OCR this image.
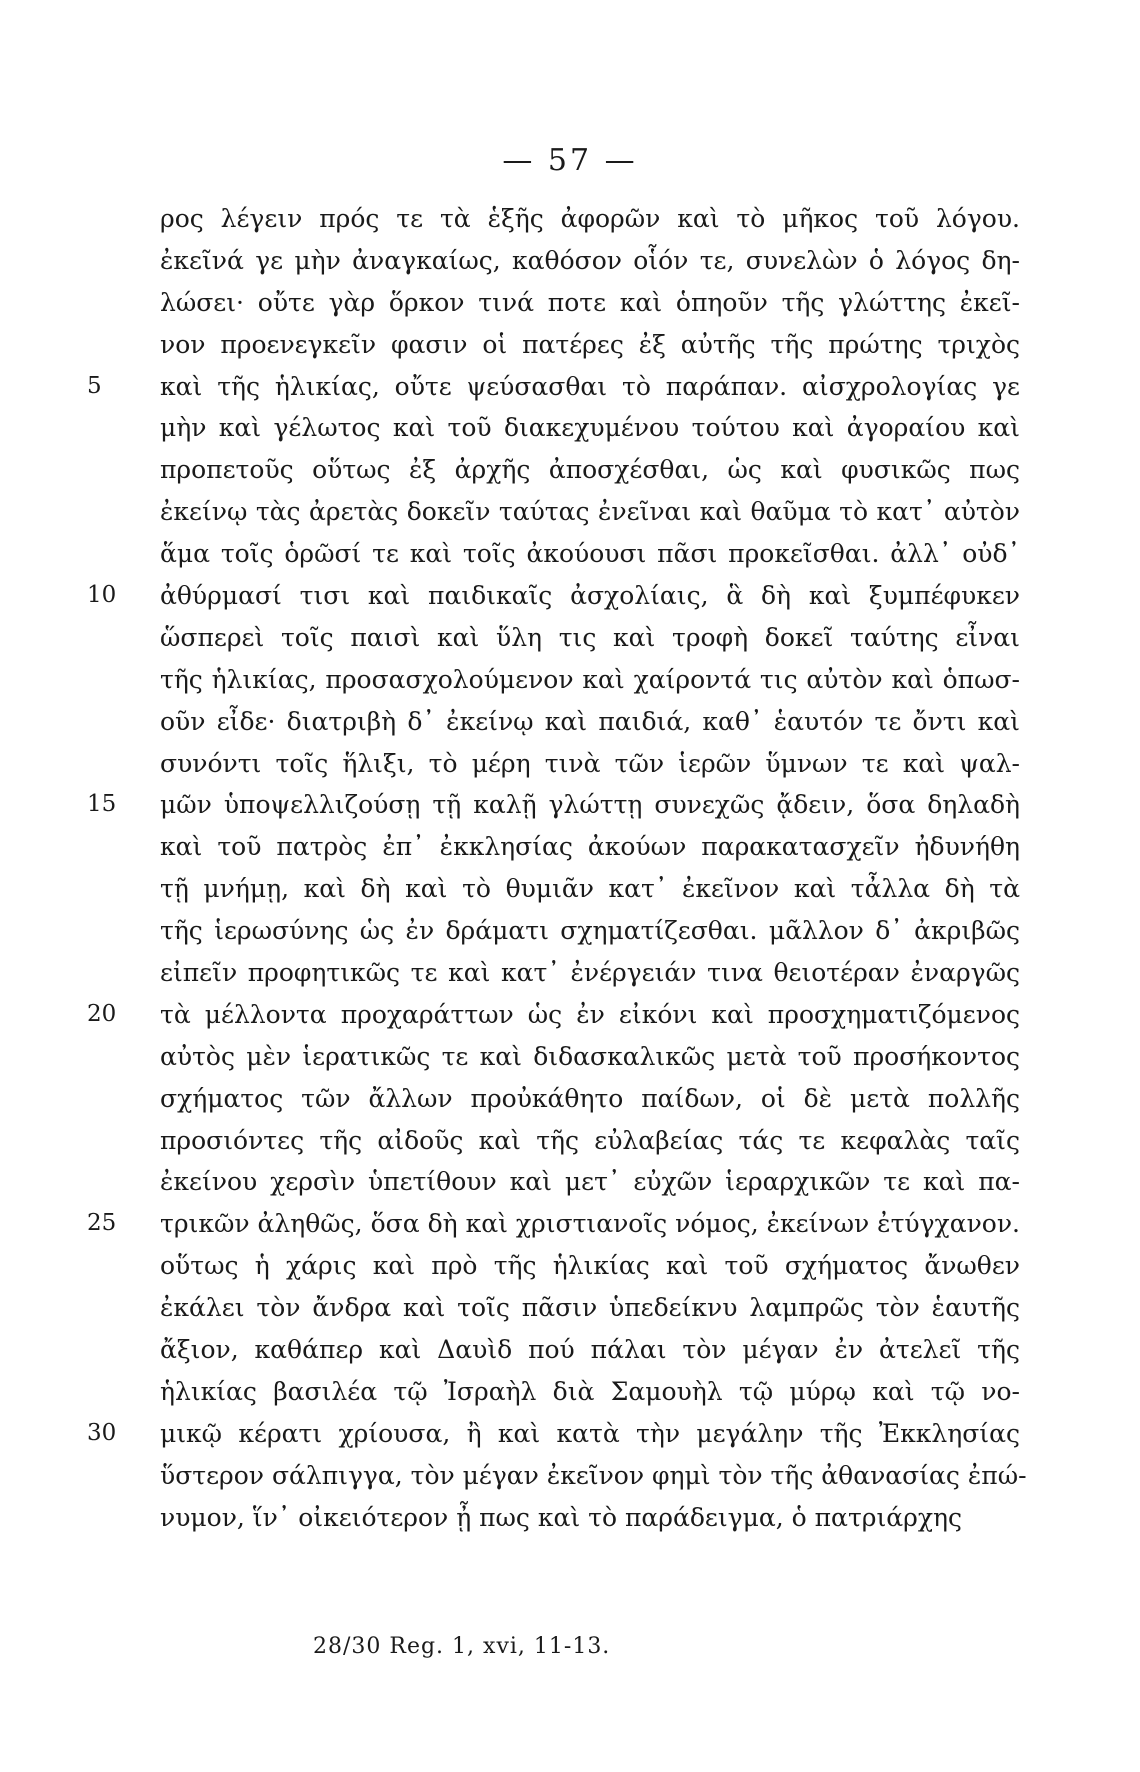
— 57 —
ρος λέγειν πρός τε τὰ ἑξῆς ἀφορῶν καὶ τὸ μῆκος τοῦ λόγου.
ἐκεῖνά γε μὴν ἀναγκαίως, καθόσον οἷόν τε, συνελὼν ὁ λόγος δη-
λώσει· οὔτε γὰρ ὅρκον τινά ποτε καὶ ὁπηοῦν τῆς γλώττης ἐκεῖ-
νον προενεγκεῖν φασιν οἱ πατέρες ἐξ αὐτῆς τῆς πρώτης τριχὸς
5	καὶ τῆς ἡλικίας, οὔτε ψεύσασθαι τὸ παράπαν. αἰσχρολογίας γε
μὴν καὶ γέλωτος καὶ τοῦ διακεχυμένου τούτου καὶ ἀγοραίου καὶ
προπετοῦς οὕτως ἐξ ἀρχῆς ἀποσχέσθαι, ὡς καὶ φυσικῶς πως
ἐκείνῳ τὰς ἀρετὰς δοκεῖν ταύτας ἐνεῖναι καὶ θαῦμα τὸ κατ᾽ αὐτὸν
ἅμα τοῖς ὁρῶσί τε καὶ τοῖς ἀκούουσι πᾶσι προκεῖσθαι. ἀλλ᾽ οὐδ᾽
10	ἀθύρμασί τισι καὶ παιδικαῖς ἀσχολίαις, ἃ δὴ καὶ ξυμπέφυκεν
ὥσπερεὶ τοῖς παισὶ καὶ ὕλη τις καὶ τροφὴ δοκεῖ ταύτης εἶναι
τῆς ἡλικίας, προσασχολούμενον καὶ χαίροντά τις αὐτὸν καὶ ὁπωσ-
οῦν εἶδε· διατριβὴ δ᾽ ἐκείνῳ καὶ παιδιά, καθ᾽ ἑαυτόν τε ὄντι καὶ
συνόντι τοῖς ἥλιξι, τὸ μέρη τινὰ τῶν ἱερῶν ὕμνων τε καὶ ψαλ-
15	μῶν ὑποψελλιζούσῃ τῇ καλῇ γλώττῃ συνεχῶς ᾄδειν, ὅσα δηλαδὴ
καὶ τοῦ πατρὸς ἐπ᾽ ἐκκλησίας ἀκούων παρακατασχεῖν ἠδυνήθη
τῇ μνήμῃ, καὶ δὴ καὶ τὸ θυμιᾶν κατ᾽ ἐκεῖνον καὶ τἆλλα δὴ τὰ
τῆς ἱερωσύνης ὡς ἐν δράματι σχηματίζεσθαι. μᾶλλον δ᾽ ἀκριβῶς
εἰπεῖν προφητικῶς τε καὶ κατ᾽ ἐνέργειάν τινα θειοτέραν ἐναργῶς
20	τὰ μέλλοντα προχαράττων ὡς ἐν εἰκόνι καὶ προσχηματιζόμενος
αὐτὸς μὲν ἱερατικῶς τε καὶ διδασκαλικῶς μετὰ τοῦ προσήκοντος
σχήματος τῶν ἄλλων προὐκάθητο παίδων, οἱ δὲ μετὰ πολλῆς
προσιόντες τῆς αἰδοῦς καὶ τῆς εὐλαβείας τάς τε κεφαλὰς ταῖς
ἐκείνου χερσὶν ὑπετίθουν καὶ μετ᾽ εὐχῶν ἱεραρχικῶν τε καὶ πα-
25	τρικῶν ἀληθῶς, ὅσα δὴ καὶ χριστιανοῖς νόμος, ἐκείνων ἐτύγχανον.
οὕτως ἡ χάρις καὶ πρὸ τῆς ἡλικίας καὶ τοῦ σχήματος ἄνωθεν
ἐκάλει τὸν ἄνδρα καὶ τοῖς πᾶσιν ὑπεδείκνυ λαμπρῶς τὸν ἑαυτῆς
ἄξιον, καθάπερ καὶ Δαυὶδ πού πάλαι τὸν μέγαν ἐν ἀτελεῖ τῆς
ἡλικίας βασιλέα τῷ Ἰσραὴλ διὰ Σαμουὴλ τῷ μύρῳ καὶ τῷ νο-
30	μικῷ κέρατι χρίουσα, ἢ καὶ κατὰ τὴν μεγάλην τῆς Ἐκκλησίας
ὕστερον σάλπιγγα, τὸν μέγαν ἐκεῖνον φημὶ τὸν τῆς ἀθανασίας ἐπώ-
νυμον, ἵν᾽ οἰκειότερον ᾖ πως καὶ τὸ παράδειγμα, ὁ πατριάρχης
28/30 Reg. 1, xvi, 11-13.
